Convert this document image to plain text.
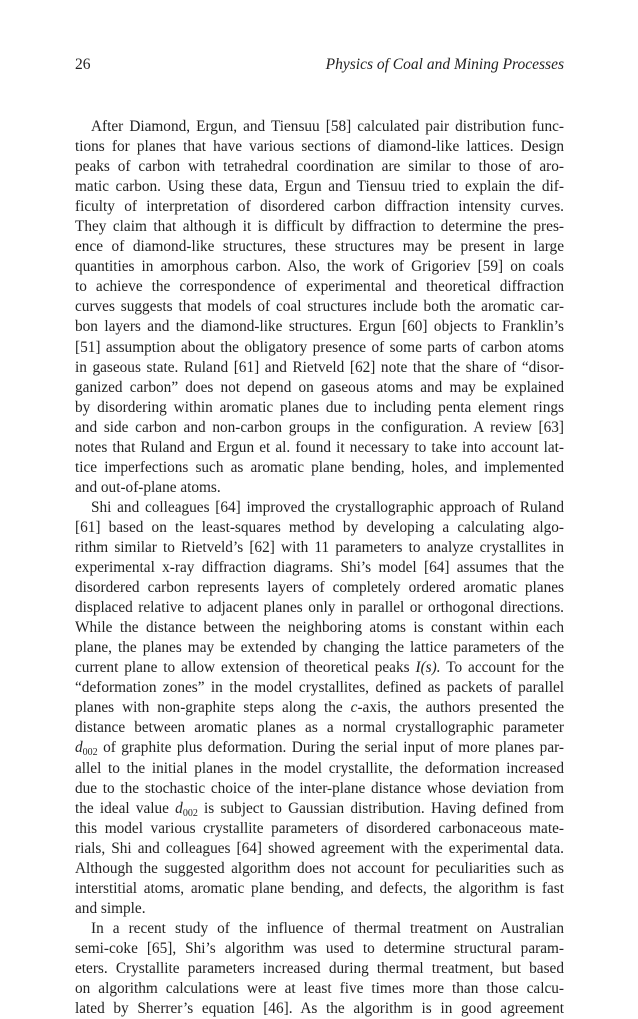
26	Physics of Coal and Mining Processes
After Diamond, Ergun, and Tiensuu [58] calculated pair distribution func-
tions for planes that have various sections of diamond-like lattices. Design
peaks of carbon with tetrahedral coordination are similar to those of aro-
matic carbon. Using these data, Ergun and Tiensuu tried to explain the dif-
ficulty of interpretation of disordered carbon diffraction intensity curves.
They claim that although it is difficult by diffraction to determine the pres-
ence of diamond-like structures, these structures may be present in large
quantities in amorphous carbon. Also, the work of Grigoriev [59] on coals
to achieve the correspondence of experimental and theoretical diffraction
curves suggests that models of coal structures include both the aromatic car-
bon layers and the diamond-like structures. Ergun [60] objects to Franklin’s
[51] assumption about the obligatory presence of some parts of carbon atoms
in gaseous state. Ruland [61] and Rietveld [62] note that the share of “disor-
ganized carbon” does not depend on gaseous atoms and may be explained
by disordering within aromatic planes due to including penta element rings
and side carbon and non-carbon groups in the configuration. A review [63]
notes that Ruland and Ergun et al. found it necessary to take into account lat-
tice imperfections such as aromatic plane bending, holes, and implemented
and out-of-plane atoms.
Shi and colleagues [64] improved the crystallographic approach of Ruland
[61] based on the least-squares method by developing a calculating algo-
rithm similar to Rietveld’s [62] with 11 parameters to analyze crystallites in
experimental x-ray diffraction diagrams. Shi’s model [64] assumes that the
disordered carbon represents layers of completely ordered aromatic planes
displaced relative to adjacent planes only in parallel or orthogonal directions.
While the distance between the neighboring atoms is constant within each
plane, the planes may be extended by changing the lattice parameters of the
current plane to allow extension of theoretical peaks I(s). To account for the
“deformation zones” in the model crystallites, defined as packets of parallel
planes with non-graphite steps along the c-axis, the authors presented the
distance between aromatic planes as a normal crystallographic parameter
$d_{002}$ of graphite plus deformation. During the serial input of more planes par-
allel to the initial planes in the model crystallite, the deformation increased
due to the stochastic choice of the inter-plane distance whose deviation from
the ideal value $d_{002}$ is subject to Gaussian distribution. Having defined from
this model various crystallite parameters of disordered carbonaceous mate-
rials, Shi and colleagues [64] showed agreement with the experimental data.
Although the suggested algorithm does not account for peculiarities such as
interstitial atoms, aromatic plane bending, and defects, the algorithm is fast
and simple.
In a recent study of the influence of thermal treatment on Australian
semi-coke [65], Shi’s algorithm was used to determine structural param-
eters. Crystallite parameters increased during thermal treatment, but based
on algorithm calculations were at least five times more than those calcu-
lated by Sherrer’s equation [46]. As the algorithm is in good agreement
